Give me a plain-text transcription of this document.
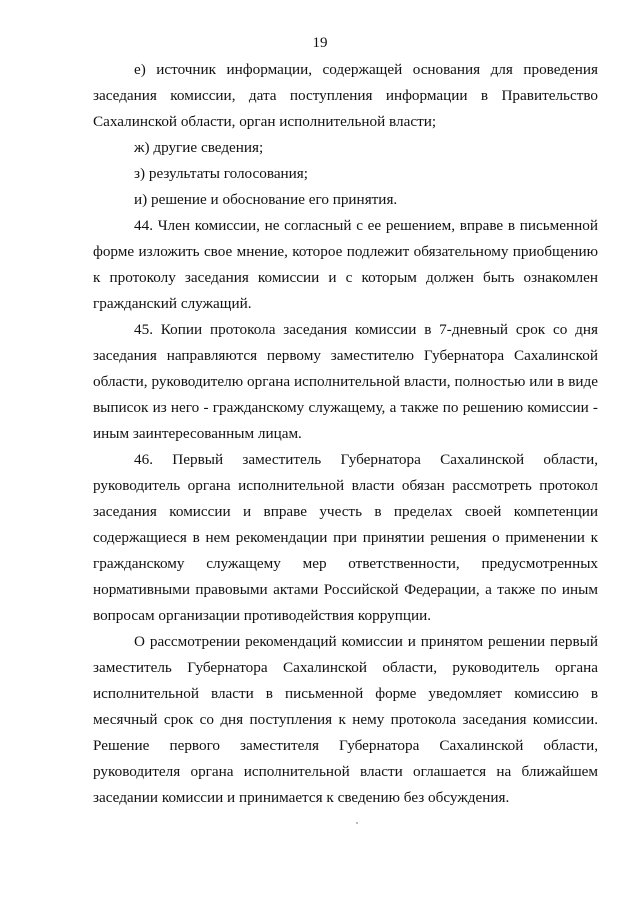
19

е) источник информации, содержащей основания для проведения заседания комиссии, дата поступления информации в Правительство Сахалинской области, орган исполнительной власти;

ж) другие сведения;

з) результаты голосования;

и) решение и обоснование его принятия.

44. Член комиссии, не согласный с ее решением, вправе в письменной форме изложить свое мнение, которое подлежит обязательному приобщению к протоколу заседания комиссии и с которым должен быть ознакомлен гражданский служащий.

45. Копии протокола заседания комиссии в 7-дневный срок со дня заседания направляются первому заместителю Губернатора Сахалинской области, руководителю органа исполнительной власти, полностью или в виде выписок из него - гражданскому служащему, а также по решению комиссии - иным заинтересованным лицам.

46. Первый заместитель Губернатора Сахалинской области, руководитель органа исполнительной власти обязан рассмотреть протокол заседания комиссии и вправе учесть в пределах своей компетенции содержащиеся в нем рекомендации при принятии решения о применении к гражданскому служащему мер ответственности, предусмотренных нормативными правовыми актами Российской Федерации, а также по иным вопросам организации противодействия коррупции.

О рассмотрении рекомендаций комиссии и принятом решении первый заместитель Губернатора Сахалинской области, руководитель органа исполнительной власти в письменной форме уведомляет комиссию в месячный срок со дня поступления к нему протокола заседания комиссии. Решение первого заместителя Губернатора Сахалинской области, руководителя органа исполнительной власти оглашается на ближайшем заседании комиссии и принимается к сведению без обсуждения.
